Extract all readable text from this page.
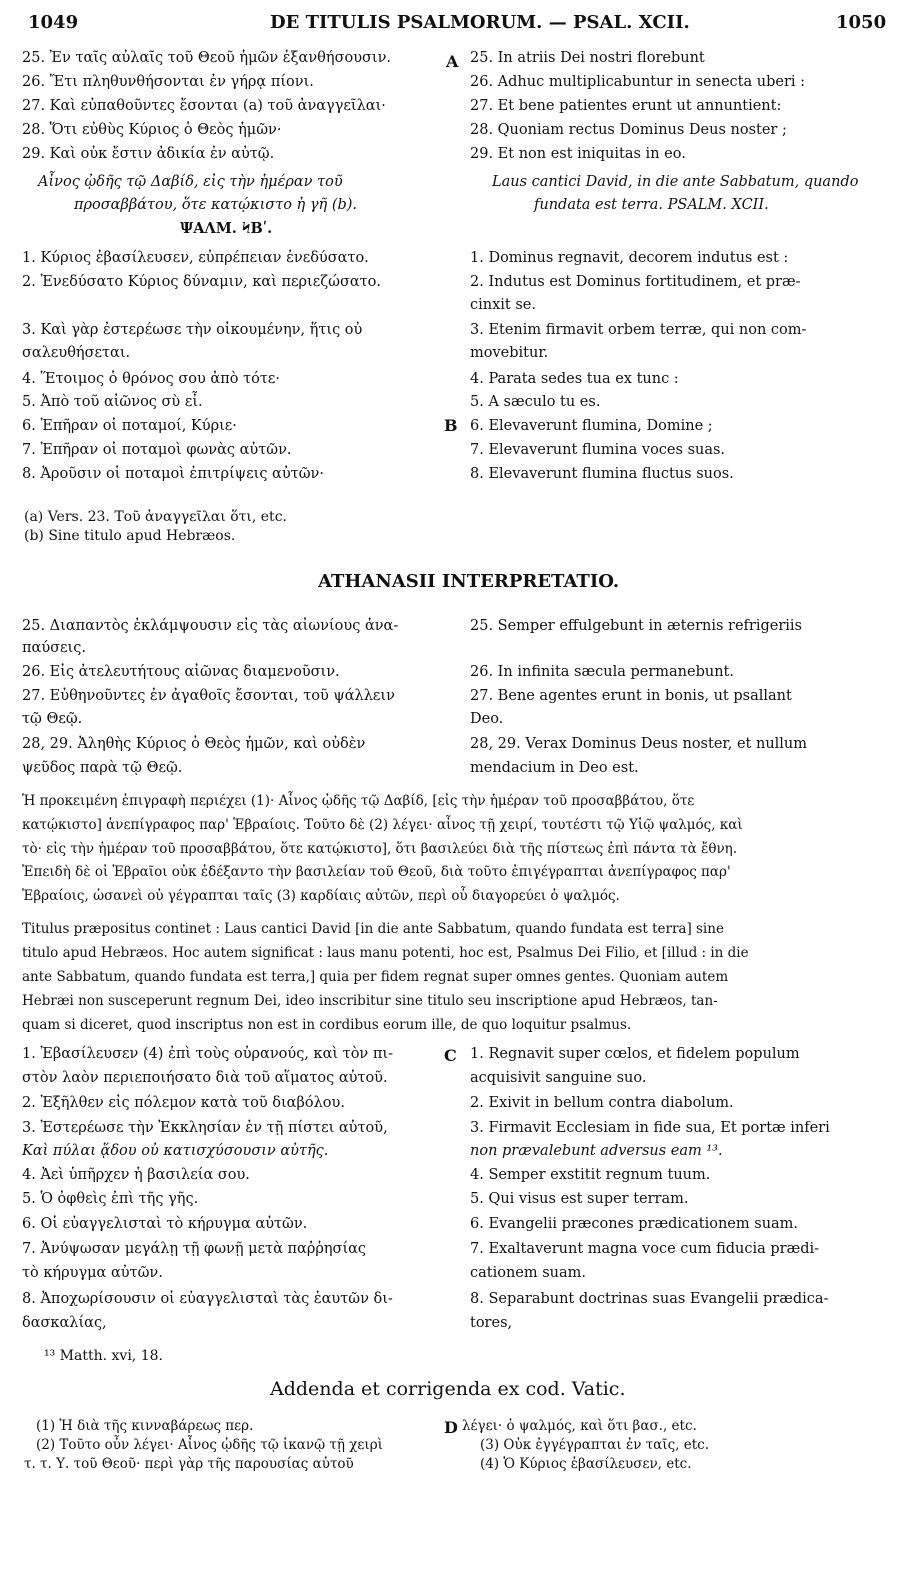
1049	DE TITULIS PSALMORUM. — PSAL. XCII.	1050
A
B
C
D
25. Ἐν ταῖς αὐλαῖς τοῦ Θεοῦ ἡμῶν ἐξανθήσουσιν.	25. In atriis Dei nostri florebunt
26. Ἔτι πληθυνθήσονται ἐν γήρᾳ πίονι.	26. Adhuc multiplicabuntur in senecta uberi :
27. Καὶ εὐπαθοῦντες ἔσονται (a) τοῦ ἀναγγεῖλαι·	27. Et bene patientes erunt ut annuntient:
28. Ὅτι εὐθὺς Κύριος ὁ Θεὸς ἡμῶν·	28. Quoniam rectus Dominus Deus noster ;
29. Καὶ οὐκ ἔστιν ἀδικία ἐν αὐτῷ.	29. Et non est iniquitas in eo.
Αἶνος ᾠδῆς τῷ Δαβίδ, εἰς τὴν ἡμέραν τοῦ
προσαββάτου, ὅτε κατῴκιστο ἡ γῆ (b).
ΨΑΛΜ. ϞΒʹ.
Laus cantici David, in die ante Sabbatum, quando
fundata est terra. PSALM. XCII.
1. Κύριος ἐβασίλευσεν, εὐπρέπειαν ἐνεδύσατο.	1. Dominus regnavit, decorem indutus est :
2. Ἐνεδύσατο Κύριος δύναμιν, καὶ περιεζώσατο.	2. Indutus est Dominus fortitudinem, et præ-
cinxit se.
3. Καὶ γὰρ ἐστερέωσε τὴν οἰκουμένην, ἥτις οὐ	3. Etenim firmavit orbem terræ, qui non com-
σαλευθήσεται.	movebitur.
4. Ἕτοιμος ὁ θρόνος σου ἀπὸ τότε·	4. Parata sedes tua ex tunc :
5. Ἀπὸ τοῦ αἰῶνος σὺ εἶ.	5. A sæculo tu es.
6. Ἐπῆραν οἱ ποταμοί, Κύριε·	6. Elevaverunt flumina, Domine ;
7. Ἐπῆραν οἱ ποταμοὶ φωνὰς αὐτῶν.	7. Elevaverunt flumina voces suas.
8. Ἀροῦσιν οἱ ποταμοὶ ἐπιτρίψεις αὐτῶν·	8. Elevaverunt flumina fluctus suos.
(a) Vers. 23. Τοῦ ἀναγγεῖλαι ὅτι, etc.
(b) Sine titulo apud Hebræos.
ATHANASII INTERPRETATIO.
25. Διαπαντὸς ἐκλάμψουσιν εἰς τὰς αἰωνίους ἀνα-	25. Semper effulgebunt in æternis refrigeriis
παύσεις.
26. Εἰς ἀτελευτήτους αἰῶνας διαμενοῦσιν.	26. In infinita sæcula permanebunt.
27. Εὐθηνοῦντες ἐν ἀγαθοῖς ἔσονται, τοῦ ψάλλειν	27. Bene agentes erunt in bonis, ut psallant
τῷ Θεῷ.	Deo.
28, 29. Ἀληθὴς Κύριος ὁ Θεὸς ἡμῶν, καὶ οὐδὲν	28, 29. Verax Dominus Deus noster, et nullum
ψεῦδος παρὰ τῷ Θεῷ.	mendacium in Deo est.
Ἡ προκειμένη ἐπιγραφὴ περιέχει (1)· Αἶνος ᾠδῆς τῷ Δαβίδ, [εἰς τὴν ἡμέραν τοῦ προσαββάτου, ὅτε
κατῴκιστο] ἀνεπίγραφος παρ' Ἑβραίοις. Τοῦτο δὲ (2) λέγει· αἶνος τῇ χειρί, τουτέστι τῷ Υἱῷ ψαλμός, καὶ
τὸ· εἰς τὴν ἡμέραν τοῦ προσαββάτου, ὅτε κατῴκιστο], ὅτι βασιλεύει διὰ τῆς πίστεως ἐπὶ πάντα τὰ ἔθνη.
Ἐπειδὴ δὲ οἱ Ἑβραῖοι οὐκ ἐδέξαντο τὴν βασιλείαν τοῦ Θεοῦ, διὰ τοῦτο ἐπιγέγραπται ἀνεπίγραφος παρ'
Ἑβραίοις, ὡσανεὶ οὐ γέγραπται ταῖς (3) καρδίαις αὐτῶν, περὶ οὗ διαγορεύει ὁ ψαλμός.
Titulus præpositus continet : Laus cantici David [in die ante Sabbatum, quando fundata est terra] sine
titulo apud Hebræos. Hoc autem significat : laus manu potenti, hoc est, Psalmus Dei Filio, et [illud : in die
ante Sabbatum, quando fundata est terra,] quia per fidem regnat super omnes gentes. Quoniam autem
Hebræi non susceperunt regnum Dei, ideo inscribitur sine titulo seu inscriptione apud Hebræos, tan-
quam si diceret, quod inscriptus non est in cordibus eorum ille, de quo loquitur psalmus.
1. Ἐβασίλευσεν (4) ἐπὶ τοὺς οὐρανούς, καὶ τὸν πι-	1. Regnavit super cœlos, et fidelem populum
στὸν λαὸν περιεποιήσατο διὰ τοῦ αἵματος αὐτοῦ.	acquisivit sanguine suo.
2. Ἐξῆλθεν εἰς πόλεμον κατὰ τοῦ διαβόλου.	2. Exivit in bellum contra diabolum.
3. Ἐστερέωσε τὴν Ἐκκλησίαν ἐν τῇ πίστει αὐτοῦ,	3. Firmavit Ecclesiam in fide sua, Et portæ inferi
Καὶ πύλαι ᾅδου οὐ κατισχύσουσιν αὐτῆς.	non prævalebunt adversus eam ¹³.
4. Ἀεὶ ὑπῆρχεν ἡ βασιλεία σου.	4. Semper exstitit regnum tuum.
5. Ὁ ὀφθεὶς ἐπὶ τῆς γῆς.	5. Qui visus est super terram.
6. Οἱ εὐαγγελισταὶ τὸ κήρυγμα αὐτῶν.	6. Evangelii præcones prædicationem suam.
7. Ἀνύψωσαν μεγάλῃ τῇ φωνῇ μετὰ παῤῥησίας	7. Exaltaverunt magna voce cum fiducia prædi-
τὸ κήρυγμα αὐτῶν.	cationem suam.
8. Ἀποχωρίσουσιν οἱ εὐαγγελισταὶ τὰς ἑαυτῶν δι-	8. Separabunt doctrinas suas Evangelii prædica-
δασκαλίας,	tores,
¹³ Matth. xvi, 18.
Addenda et corrigenda ex cod. Vatic.
(1) Ἡ διὰ τῆς κινναβάρεως περ.	λέγει· ὁ ψαλμός, καὶ ὅτι βασ., etc.
(2) Τοῦτο οὖν λέγει· Αἶνος ᾠδῆς τῷ ἱκανῷ τῇ χειρὶ	(3) Οὐκ ἐγγέγραπται ἐν ταῖς, etc.
τ. τ. Υ. τοῦ Θεοῦ· περὶ γὰρ τῆς παρουσίας αὐτοῦ	(4) Ὁ Κύριος ἐβασίλευσεν, etc.
